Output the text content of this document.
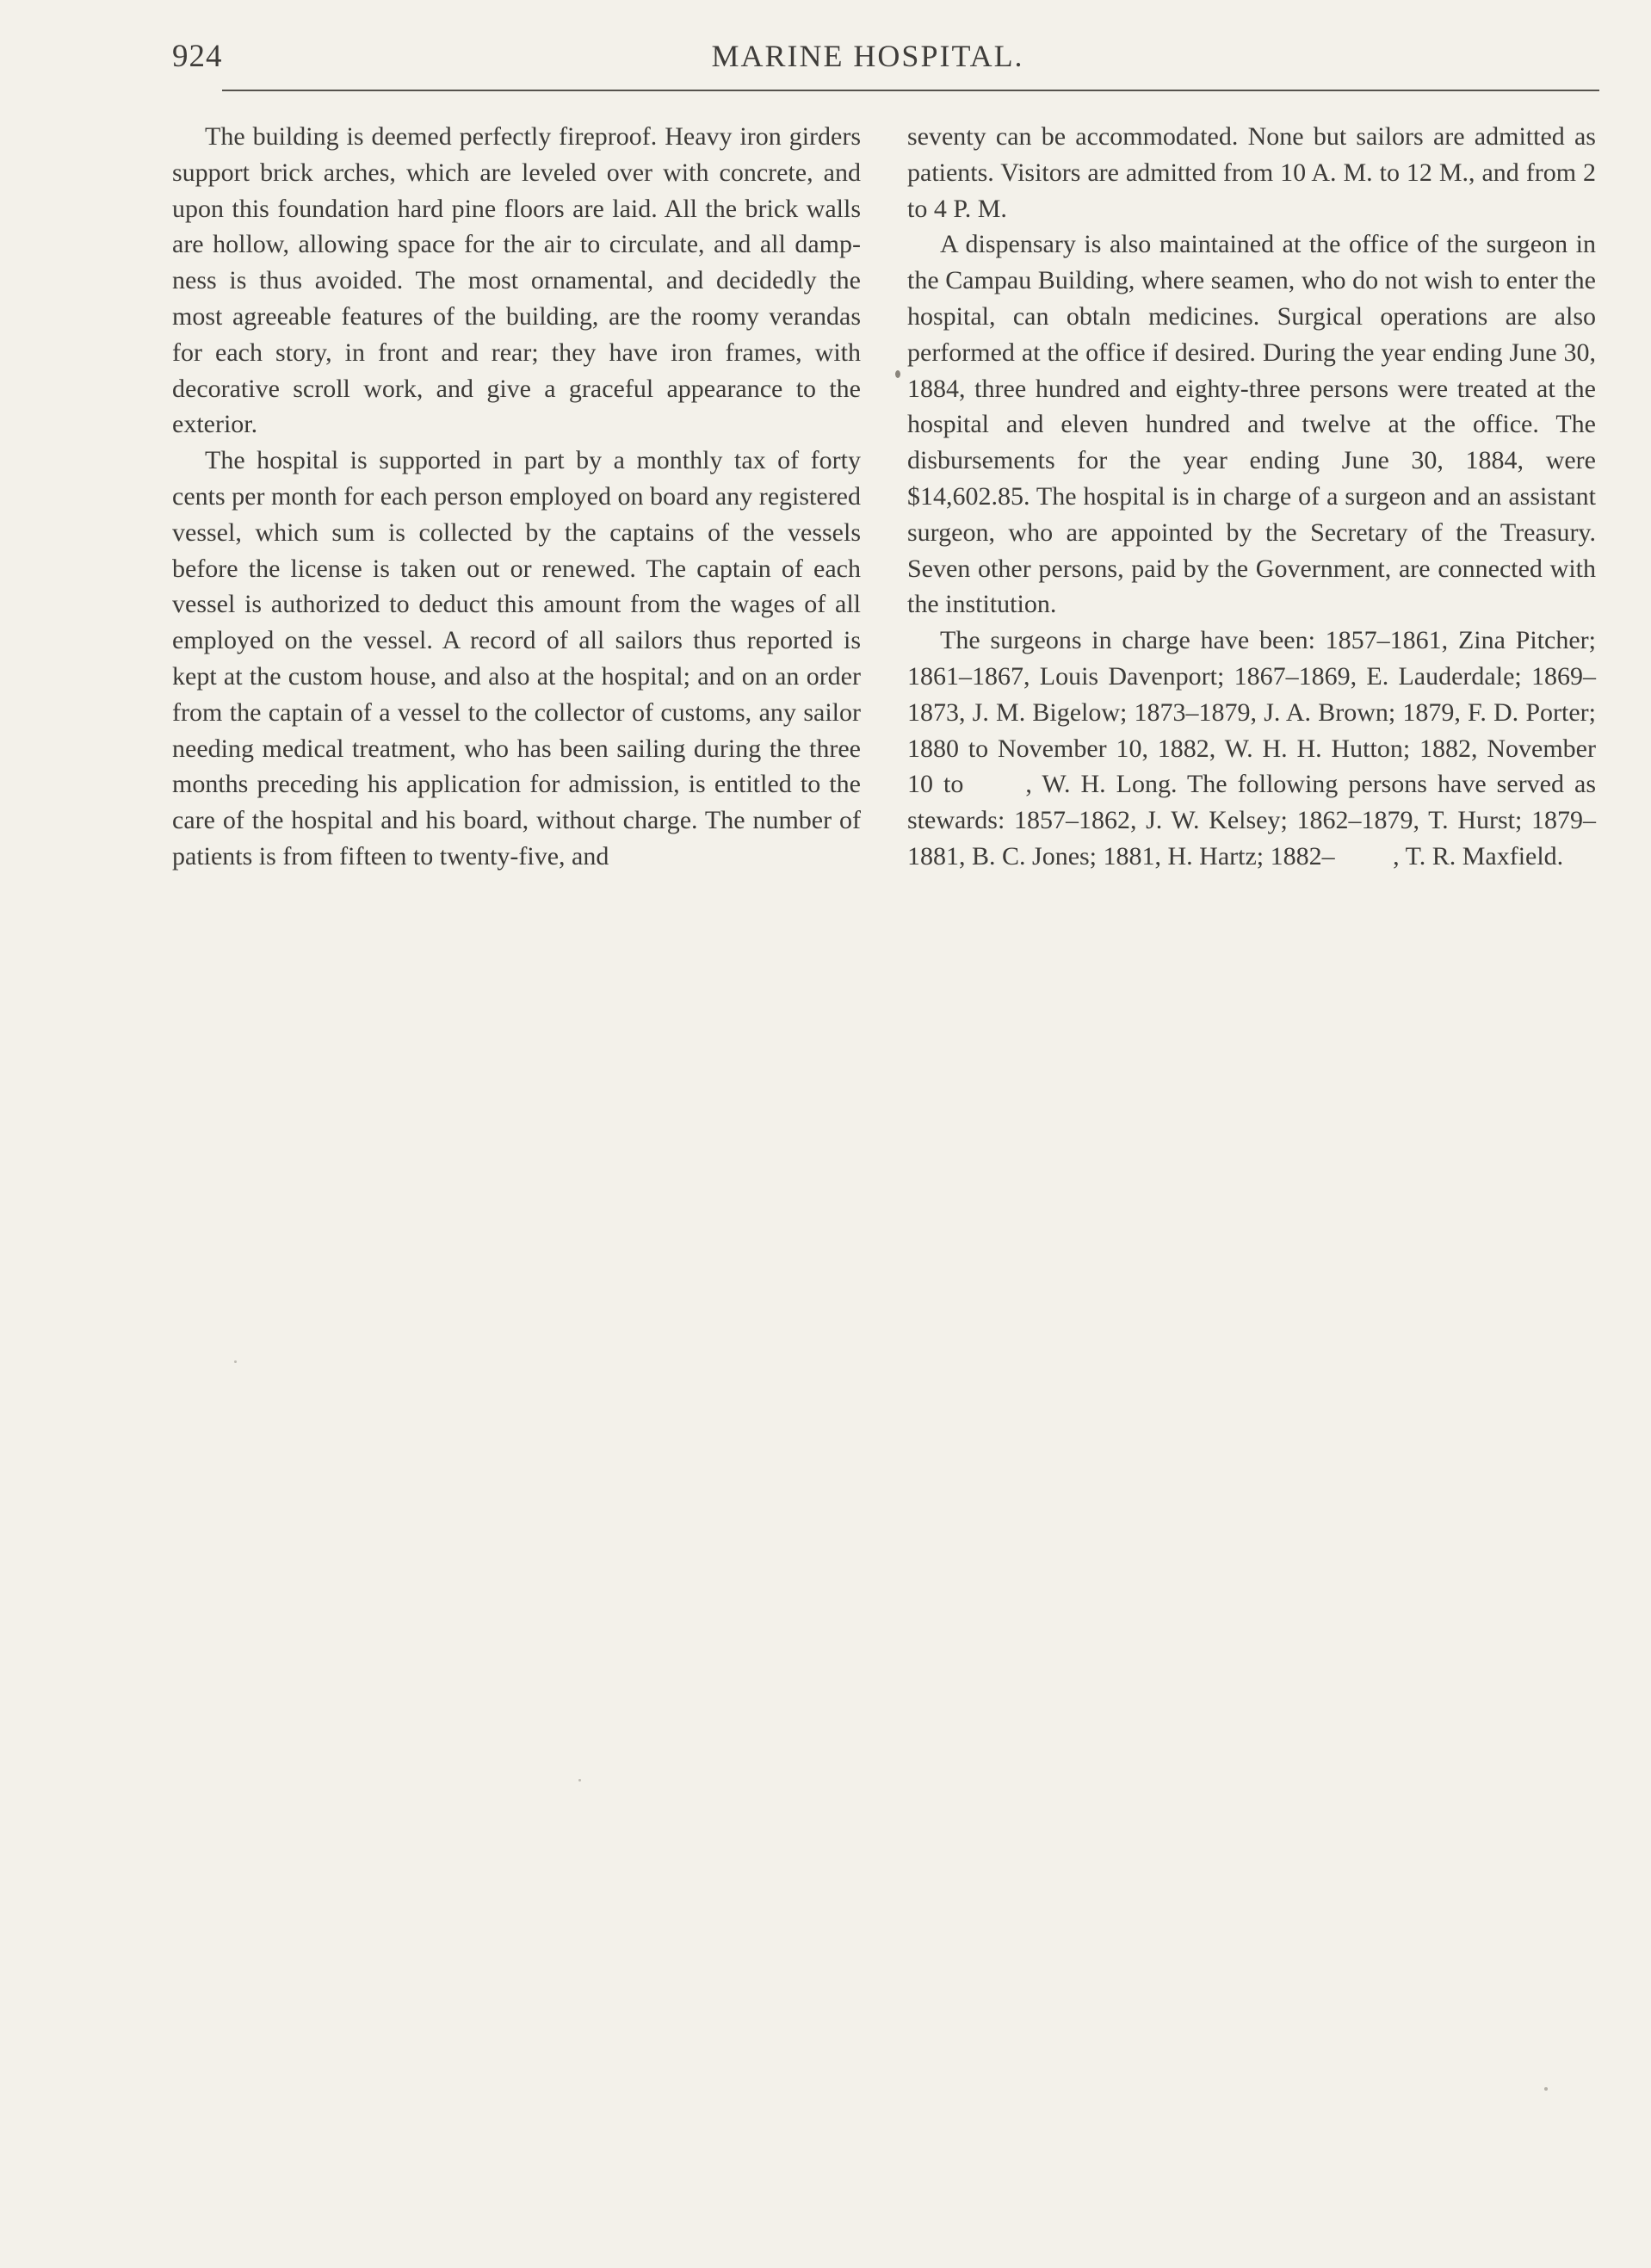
924	MARINE HOSPITAL.

The building is deemed perfectly fireproof. Heavy iron girders support brick arches, which are leveled over with concrete, and upon this foundation hard pine floors are laid. All the brick walls are hollow, allowing space for the air to circulate, and all dampness is thus avoided. The most ornamental, and decidedly the most agreeable features of the building, are the roomy verandas for each story, in front and rear; they have iron frames, with decorative scroll work, and give a graceful appearance to the exterior.

The hospital is supported in part by a monthly tax of forty cents per month for each person employed on board any registered vessel, which sum is collected by the captains of the vessels before the license is taken out or renewed. The captain of each vessel is authorized to deduct this amount from the wages of all employed on the vessel. A record of all sailors thus reported is kept at the custom house, and also at the hospital; and on an order from the captain of a vessel to the collector of customs, any sailor needing medical treatment, who has been sailing during the three months preceding his application for admission, is entitled to the care of the hospital and his board, without charge. The number of patients is from fifteen to twenty-five, and

seventy can be accommodated. None but sailors are admitted as patients. Visitors are admitted from 10 A. M. to 12 M., and from 2 to 4 P. M.

A dispensary is also maintained at the office of the surgeon in the Campau Building, where seamen, who do not wish to enter the hospital, can obtaln medicines. Surgical operations are also performed at the office if desired. During the year ending June 30, 1884, three hundred and eighty-three persons were treated at the hospital and eleven hundred and twelve at the office. The disbursements for the year ending June 30, 1884, were $14,602.85. The hospital is in charge of a surgeon and an assistant surgeon, who are appointed by the Secretary of the Treasury. Seven other persons, paid by the Government, are connected with the institution.

The surgeons in charge have been: 1857–1861, Zina Pitcher; 1861–1867, Louis Davenport; 1867–1869, E. Lauderdale; 1869–1873, J. M. Bigelow; 1873–1879, J. A. Brown; 1879, F. D. Porter; 1880 to November 10, 1882, W. H. H. Hutton; 1882, November 10 to   , W. H. Long. The following persons have served as stewards: 1857–1862, J. W. Kelsey; 1862–1879, T. Hurst; 1879–1881, B. C. Jones; 1881, H. Hartz; 1882–   , T. R. Maxfield.
